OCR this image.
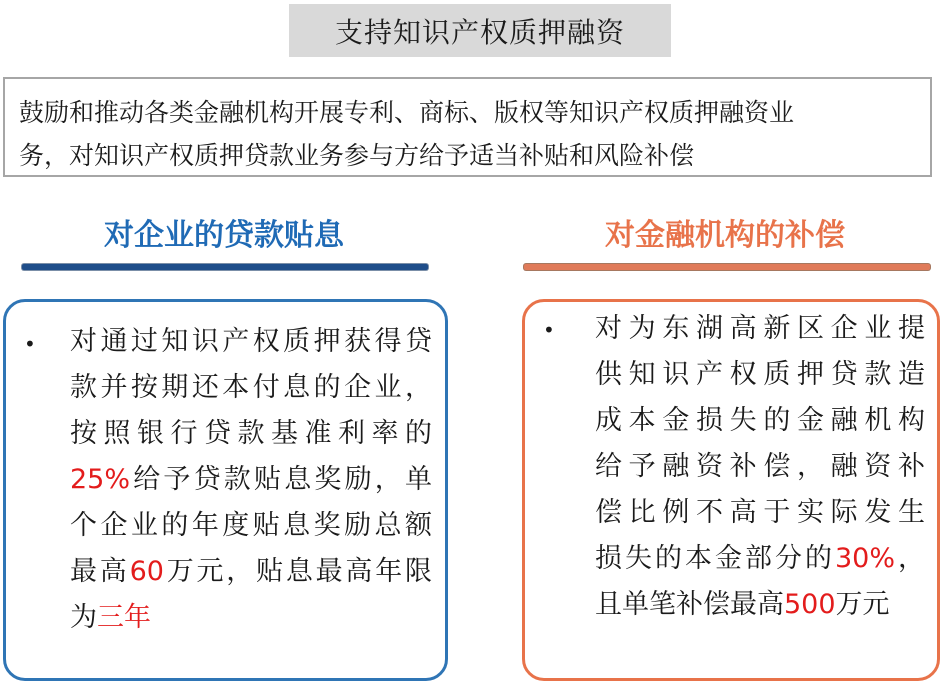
支持知识产权质押融资
鼓励和推动各类金融机构开展专利、商标、版权等知识产权质押融资业
务，对知识产权质押贷款业务参与方给予适当补贴和风险补偿
对企业的贷款贴息	对金融机构的补偿
• 对通过知识产权质押获得贷
款并按期还本付息的企业，
按照银行贷款基准利率的
25%给予贷款贴息奖励，单
个企业的年度贴息奖励总额
最高60万元，贴息最高年限
为三年
• 对为东湖高新区企业提
供知识产权质押贷款造
成本金损失的金融机构
给予融资补偿，融资补
偿比例不高于实际发生
损失的本金部分的30%，
且单笔补偿最高500万元
